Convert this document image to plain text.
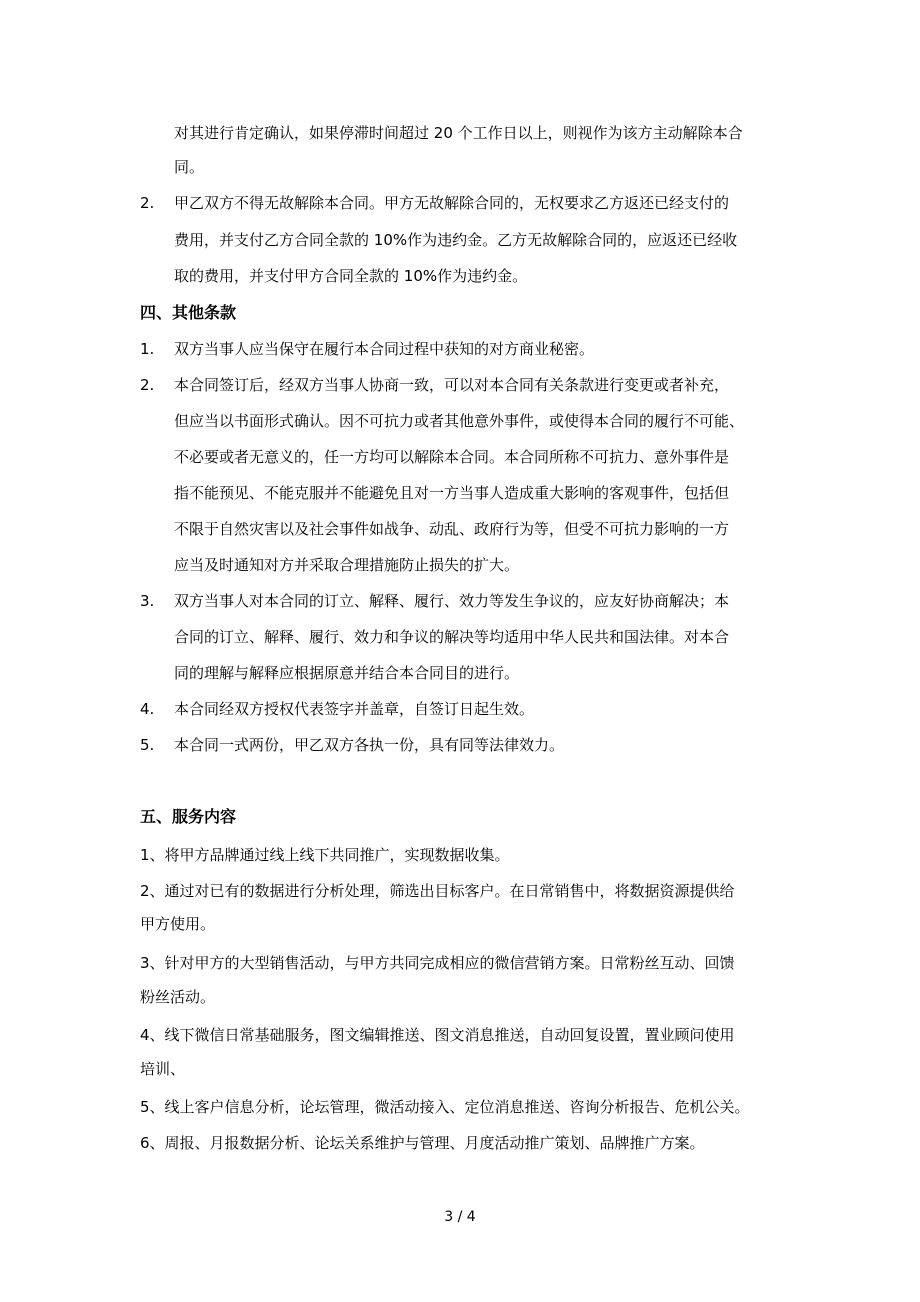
对其进行肯定确认，如果停滞时间超过 20 个工作日以上，则视作为该方主动解除本合
同。
2. 甲乙双方不得无故解除本合同。甲方无故解除合同的，无权要求乙方返还已经支付的
费用，并支付乙方合同全款的 10%作为违约金。乙方无故解除合同的，应返还已经收
取的费用，并支付甲方合同全款的 10%作为违约金。
四、其他条款
1. 双方当事人应当保守在履行本合同过程中获知的对方商业秘密。
2. 本合同签订后，经双方当事人协商一致，可以对本合同有关条款进行变更或者补充，
但应当以书面形式确认。因不可抗力或者其他意外事件，或使得本合同的履行不可能、
不必要或者无意义的，任一方均可以解除本合同。本合同所称不可抗力、意外事件是
指不能预见、不能克服并不能避免且对一方当事人造成重大影响的客观事件，包括但
不限于自然灾害以及社会事件如战争、动乱、政府行为等，但受不可抗力影响的一方
应当及时通知对方并采取合理措施防止损失的扩大。
3. 双方当事人对本合同的订立、解释、履行、效力等发生争议的，应友好协商解决；本
合同的订立、解释、履行、效力和争议的解决等均适用中华人民共和国法律。对本合
同的理解与解释应根据原意并结合本合同目的进行。
4. 本合同经双方授权代表签字并盖章，自签订日起生效。
5. 本合同一式两份，甲乙双方各执一份，具有同等法律效力。
五、服务内容
1、将甲方品牌通过线上线下共同推广，实现数据收集。
2、通过对已有的数据进行分析处理，筛选出目标客户。在日常销售中，将数据资源提供给
甲方使用。
3、针对甲方的大型销售活动，与甲方共同完成相应的微信营销方案。日常粉丝互动、回馈
粉丝活动。
4、线下微信日常基础服务，图文编辑推送、图文消息推送，自动回复设置，置业顾问使用
培训、
5、线上客户信息分析，论坛管理，微活动接入、定位消息推送、咨询分析报告、危机公关。
6、周报、月报数据分析、论坛关系维护与管理、月度活动推广策划、品牌推广方案。
3 / 4
